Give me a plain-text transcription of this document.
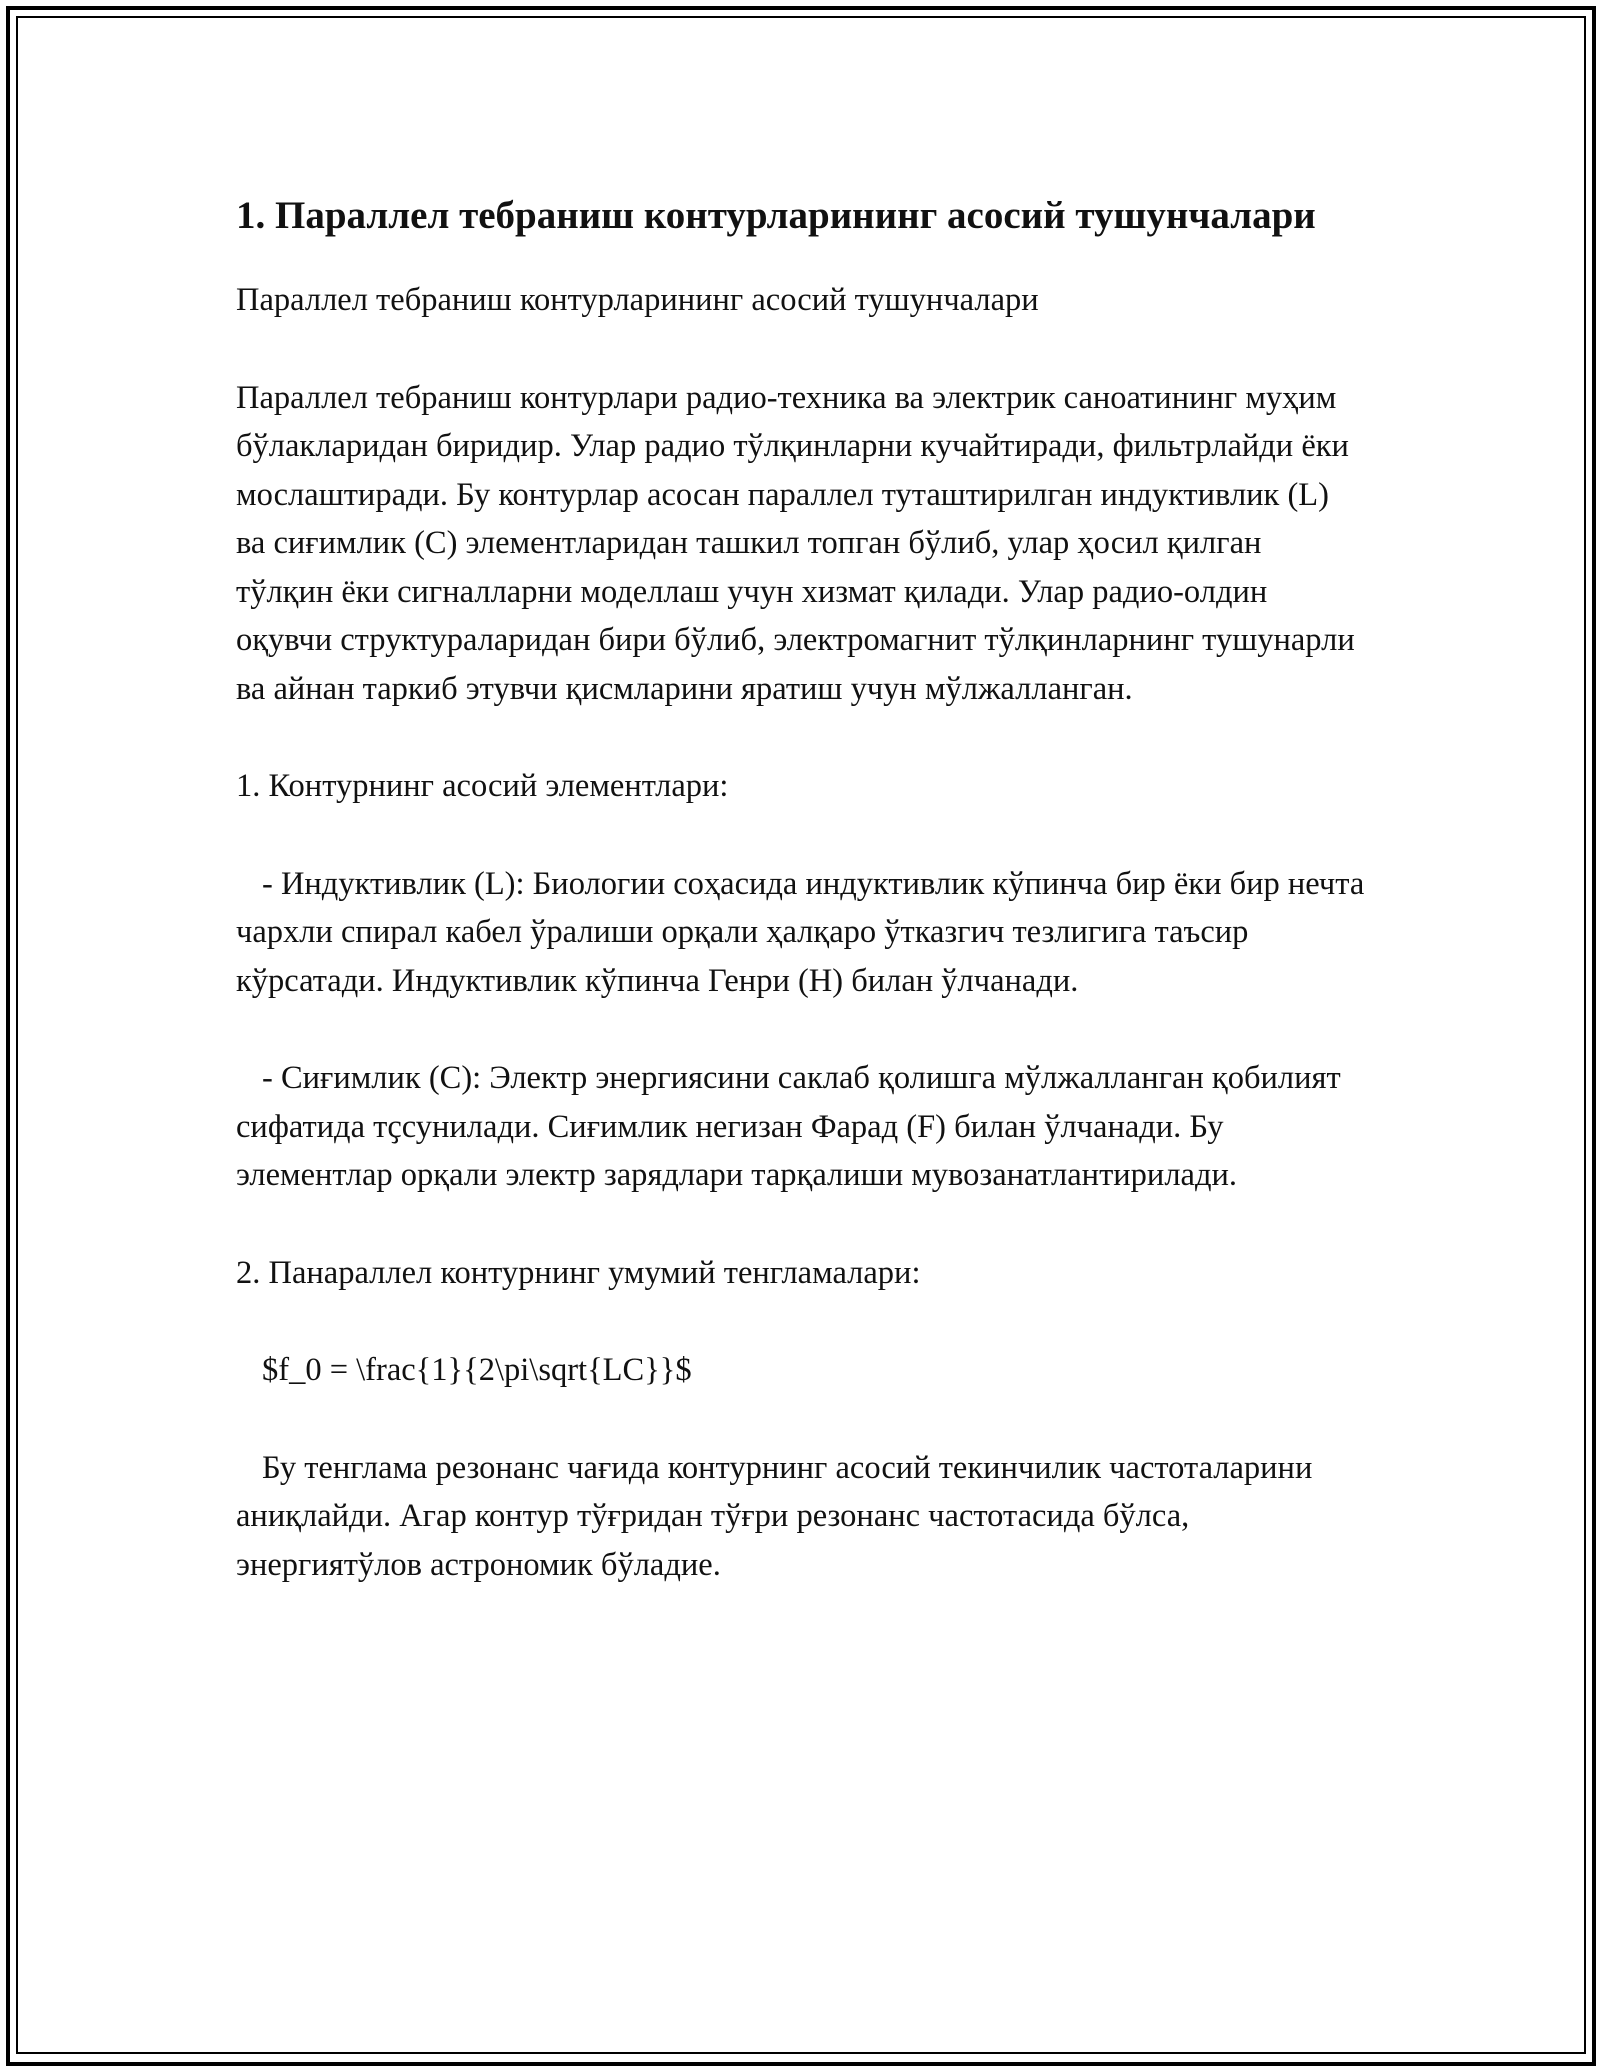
1. Параллел тебраниш контурларининг асосий тушунчалари

Параллел тебраниш контурларининг асосий тушунчалари

Параллел тебраниш контурлари радио-техника ва электрик саноатининг муҳим бўлакларидан биридир. Улар радио тўлқинларни кучайтиради, фильтрлайди ёки мослаштиради. Бу контурлар асосан параллел туташтирилган индуктивлик (L) ва сиғимлик (C) элементларидан ташкил топган бўлиб, улар ҳосил қилган тўлқин ёки сигналларни моделлаш учун хизмат қилади. Улар радио-олдин оқувчи структураларидан бири бўлиб, электромагнит тўлқинларнинг тушунарли ва айнан таркиб этувчи қисмларини яратиш учун мўлжалланган.

1. Контурнинг асосий элементлари:

- Индуктивлик (L): Биологии соҳасида индуктивлик кўпинча бир ёки бир нечта чархли спирал кабел ўралиши орқали ҳалқаро ўтказгич тезлигига таъсир кўрсатади. Индуктивлик кўпинча Генри (H) билан ўлчанади.

- Сиғимлик (C): Электр энергиясини саклаб қолишга мўлжалланган қобилият сифатида тҫсунилади. Сиғимлик негизан Фарад (F) билан ўлчанади. Бу элементлар орқали электр зарядлари тарқалиши мувозанатлантирилади.

2. Панараллел контурнинг умумий тенгламалари:

$f_0 = \frac{1}{2\pi\sqrt{LC}}$

Бу тенглама резонанс чағида контурнинг асосий текинчилик частоталарини аниқлайди. Агар контур тўғридан тўғри резонанс частотасида бўлса, энергиятўлов астрономик бўладие.
